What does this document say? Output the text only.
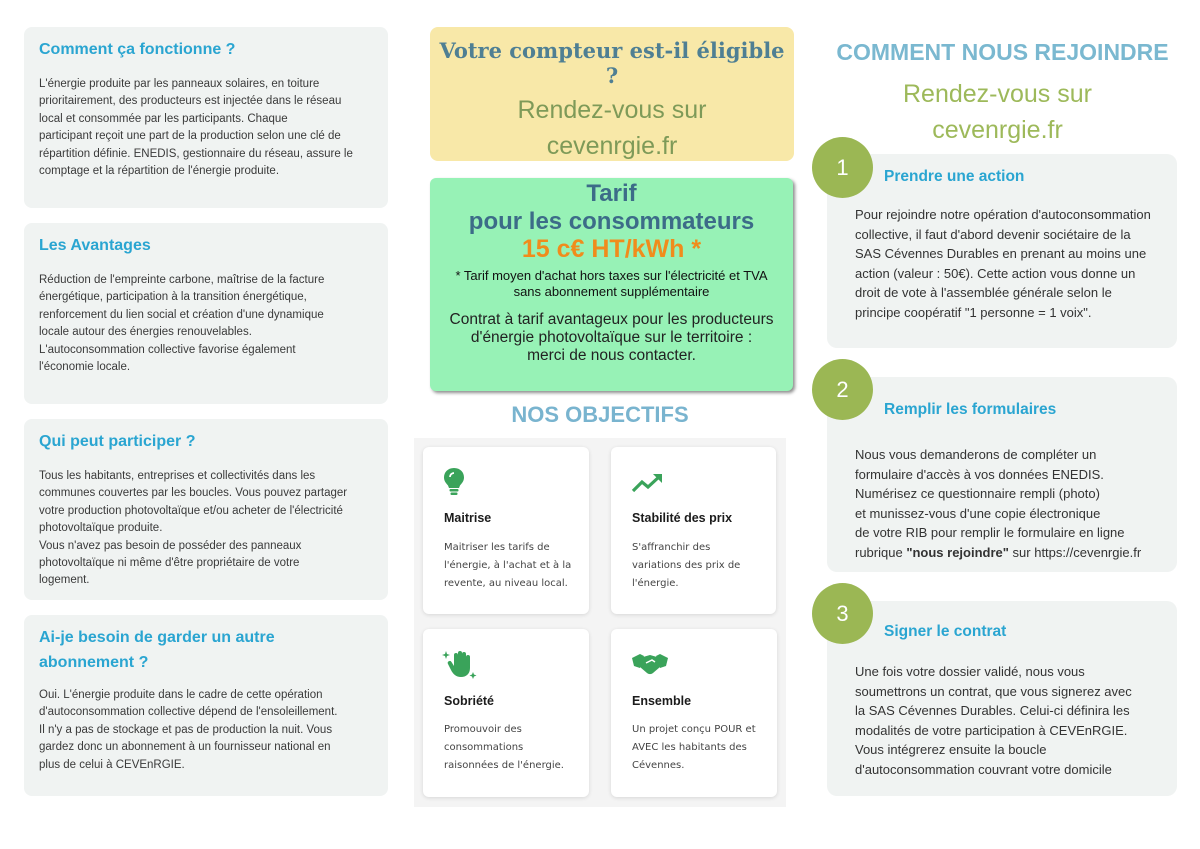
Comment ça fonctionne ?

L'énergie produite par les panneaux solaires, en toiture
prioritairement, des producteurs est injectée dans le réseau
local et consommée par les participants. Chaque
participant reçoit une part de la production selon une clé de
répartition définie. ENEDIS, gestionnaire du réseau, assure le
comptage et la répartition de l'énergie produite.

Les Avantages

Réduction de l'empreinte carbone, maîtrise de la facture
énergétique, participation à la transition énergétique,
renforcement du lien social et création d'une dynamique
locale autour des énergies renouvelables.
L'autoconsommation collective favorise également
l'économie locale.

Qui peut participer ?

Tous les habitants, entreprises et collectivités dans les
communes couvertes par les boucles. Vous pouvez partager
votre production photovoltaïque et/ou acheter de l'électricité
photovoltaïque produite.
Vous n'avez pas besoin de posséder des panneaux
photovoltaïque ni même d'être propriétaire de votre
logement.

Ai-je besoin de garder un autre
abonnement ?

Oui. L'énergie produite dans le cadre de cette opération
d'autoconsommation collective dépend de l'ensoleillement.
Il n'y a pas de stockage et pas de production la nuit. Vous
gardez donc un abonnement à un fournisseur national en
plus de celui à CEVEnRGIE.

Votre compteur est-il éligible ?
Rendez-vous sur
cevenrgie.fr
Tarif
pour les consommateurs
15 c€ HT/kWh *
* Tarif moyen d'achat hors taxes sur l'électricité et TVA
sans abonnement supplémentaire
Contrat à tarif avantageux pour les producteurs
d'énergie photovoltaïque sur le territoire :
merci de nous contacter.
NOS OBJECTIFS
Maitrise
Maitriser les tarifs de
l'énergie, à l'achat et à la
revente, au niveau local.
Stabilité des prix
S'affranchir des
variations des prix de
l'énergie.
Sobriété
Promouvoir des
consommations
raisonnées de l'énergie.
Ensemble
Un projet conçu POUR et
AVEC les habitants des
Cévennes.
COMMENT NOUS REJOINDRE
Rendez-vous sur
cevenrgie.fr
Prendre une action
Pour rejoindre notre opération d'autoconsommation
collective, il faut d'abord devenir sociétaire de la
SAS Cévennes Durables en prenant au moins une
action (valeur : 50€). Cette action vous donne un
droit de vote à l'assemblée générale selon le
principe coopératif "1 personne = 1 voix".
1
Remplir les formulaires
Nous vous demanderons de compléter un
formulaire d'accès à vos données ENEDIS.
Numérisez ce questionnaire rempli (photo)
et munissez-vous d'une copie électronique
de votre RIB pour remplir le formulaire en ligne
rubrique "nous rejoindre" sur https://cevenrgie.fr
2
Signer le contrat
Une fois votre dossier validé, nous vous
soumettrons un contrat, que vous signerez avec
la SAS Cévennes Durables. Celui-ci définira les
modalités de votre participation à CEVEnRGIE.
Vous intégrerez ensuite la boucle
d'autoconsommation couvrant votre domicile
3
